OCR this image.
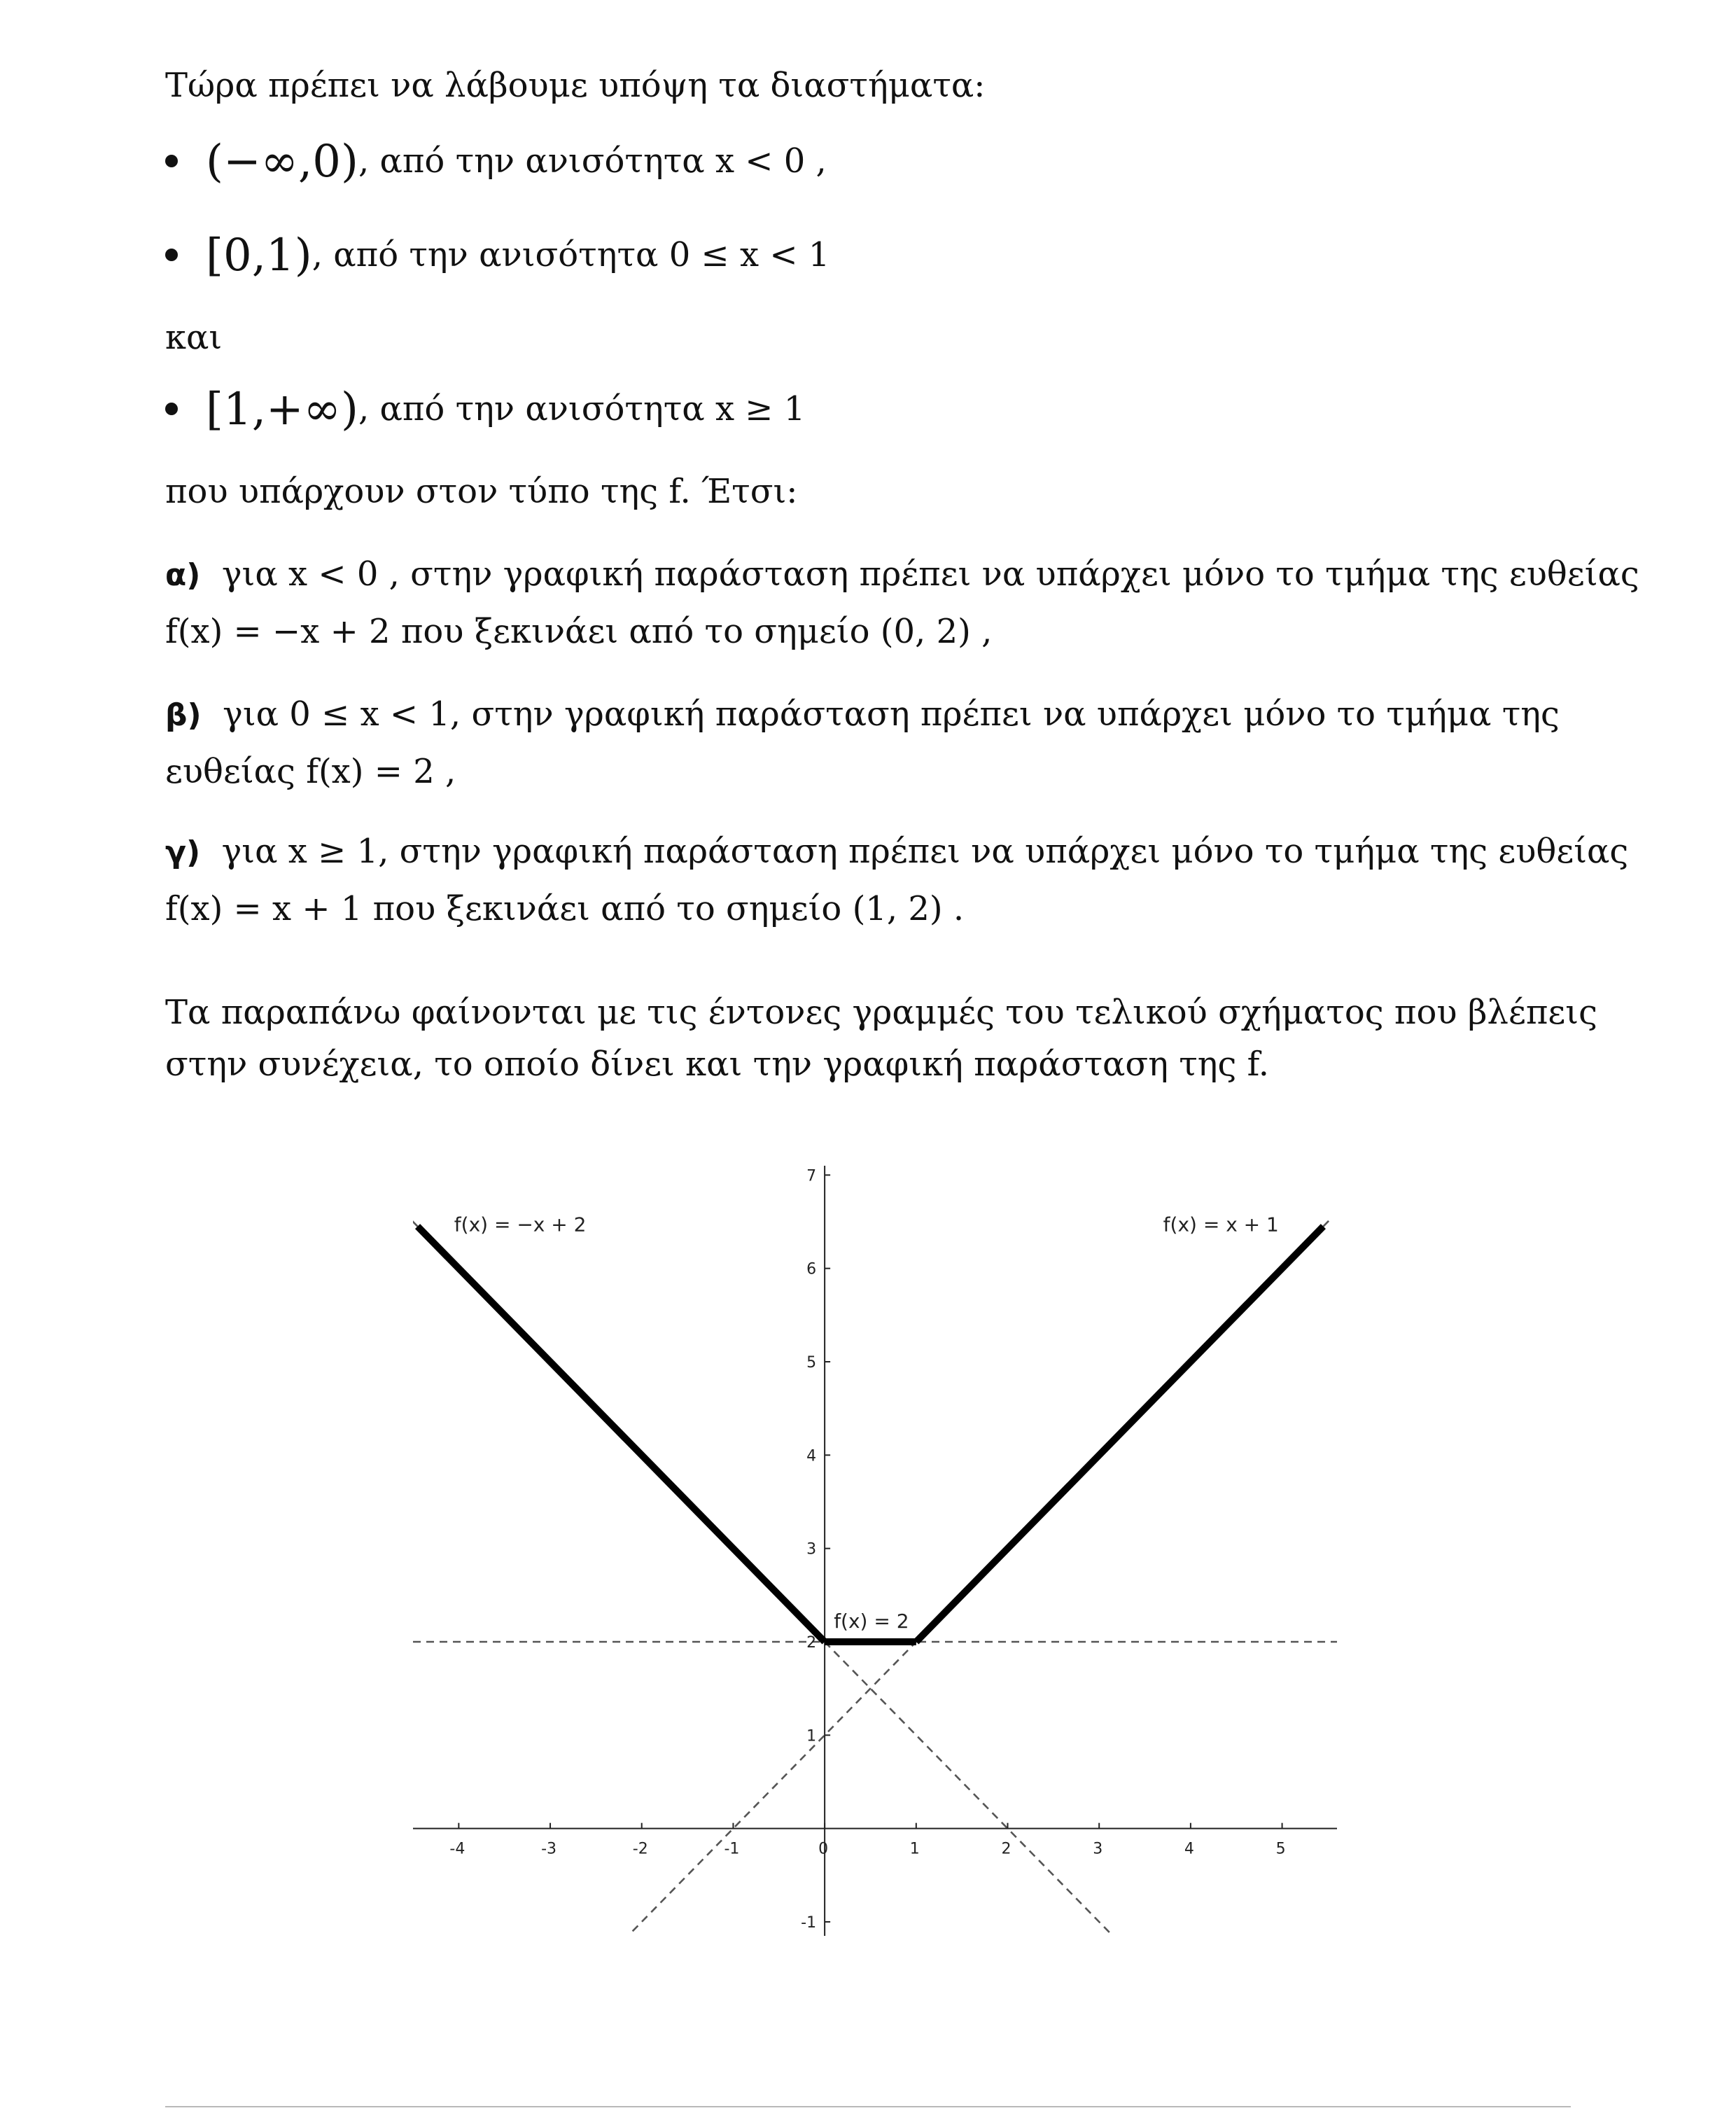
Τώρα πρέπει να λάβουμε υπόψη τα διαστήματα:
(−∞,0), από την ανισότητα x < 0 ,
[0,1), από την ανισότητα 0 ≤ x < 1
και
[1,+∞), από την ανισότητα x ≥ 1
που υπάρχουν στον τύπο της f. Έτσι:
α) για x < 0 , στην γραφική παράσταση πρέπει να υπάρχει μόνο το τμήμα της ευθείας
f(x) = −x + 2 που ξεκινάει από το σημείο (0, 2) ,
β) για 0 ≤ x < 1, στην γραφική παράσταση πρέπει να υπάρχει μόνο το τμήμα της
ευθείας f(x) = 2 ,
γ) για x ≥ 1, στην γραφική παράσταση πρέπει να υπάρχει μόνο το τμήμα της ευθείας
f(x) = x + 1 που ξεκινάει από το σημείο (1, 2) .
Τα παραπάνω φαίνονται με τις έντονες γραμμές του τελικού σχήματος που βλέπεις
στην συνέχεια, το οποίο δίνει και την γραφική παράσταση της f.
-4	-3	-2	-1	0	1	2	3	4	5
-1
1
2
3
4
5
6
7
f(x) = −x + 2	f(x) = x + 1
f(x) = 2
